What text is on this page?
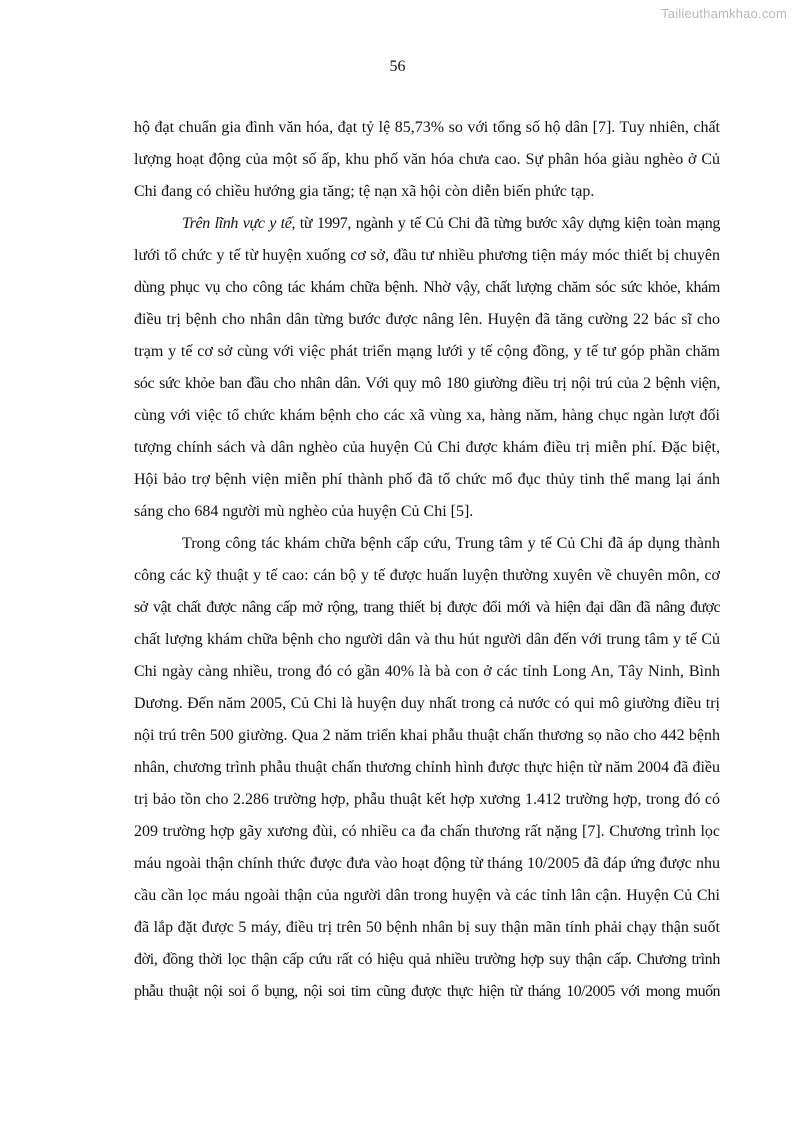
Tailieuthamkhao.com
56
hộ đạt chuẩn gia đình văn hóa, đạt tỷ lệ 85,73% so với tổng số hộ dân [7]. Tuy nhiên, chất
lượng hoạt động của một số ấp, khu phố văn hóa chưa cao. Sự phân hóa giàu nghèo ở Củ
Chi đang có chiều hướng gia tăng; tệ nạn xã hội còn diễn biến phức tạp.
Trên lĩnh vực y tế, từ 1997, ngành y tế Củ Chi đã từng bước xây dựng kiện toàn mạng
lưới tổ chức y tế từ huyện xuống cơ sở, đầu tư nhiều phương tiện máy móc thiết bị chuyên
dùng phục vụ cho công tác khám chữa bệnh. Nhờ vậy, chất lượng chăm sóc sức khỏe, khám
điều trị bệnh cho nhân dân từng bước được nâng lên. Huyện đã tăng cường 22 bác sĩ cho
trạm y tế cơ sở cùng với việc phát triển mạng lưới y tế cộng đồng, y tế tư góp phần chăm
sóc sức khỏe ban đầu cho nhân dân. Với quy mô 180 giường điều trị nội trú của 2 bệnh viện,
cùng với việc tổ chức khám bệnh cho các xã vùng xa, hàng năm, hàng chục ngàn lượt đối
tượng chính sách và dân nghèo của huyện Củ Chi được khám điều trị miễn phí. Đặc biệt,
Hội bảo trợ bệnh viện miễn phí thành phố đã tổ chức mổ đục thủy tinh thể mang lại ánh
sáng cho 684 người mù nghèo của huyện Củ Chi [5].
Trong công tác khám chữa bệnh cấp cứu, Trung tâm y tế Củ Chi đã áp dụng thành
công các kỹ thuật y tế cao: cán bộ y tế được huấn luyện thường xuyên về chuyên môn, cơ
sở vật chất được nâng cấp mở rộng, trang thiết bị được đổi mới và hiện đại dần đã nâng được
chất lượng khám chữa bệnh cho người dân và thu hút người dân đến với trung tâm y tế Củ
Chi ngày càng nhiều, trong đó có gần 40% là bà con ở các tỉnh Long An, Tây Ninh, Bình
Dương. Đến năm 2005, Củ Chi là huyện duy nhất trong cả nước có qui mô giường điều trị
nội trú trên 500 giường. Qua 2 năm triển khai phẫu thuật chấn thương sọ não cho 442 bệnh
nhân, chương trình phẫu thuật chấn thương chỉnh hình được thực hiện từ năm 2004 đã điều
trị bảo tồn cho 2.286 trường hợp, phẫu thuật kết hợp xương 1.412 trường hợp, trong đó có
209 trường hợp gãy xương đùi, có nhiều ca đa chấn thương rất nặng [7]. Chương trình lọc
máu ngoài thận chính thức được đưa vào hoạt động từ tháng 10/2005 đã đáp ứng được nhu
cầu cần lọc máu ngoài thận của người dân trong huyện và các tỉnh lân cận. Huyện Củ Chi
đã lắp đặt được 5 máy, điều trị trên 50 bệnh nhân bị suy thận mãn tính phải chạy thận suốt
đời, đồng thời lọc thận cấp cứu rất có hiệu quả nhiều trường hợp suy thận cấp. Chương trình
phẫu thuật nội soi ổ bụng, nội soi tim cũng được thực hiện từ tháng 10/2005 với mong muốn
